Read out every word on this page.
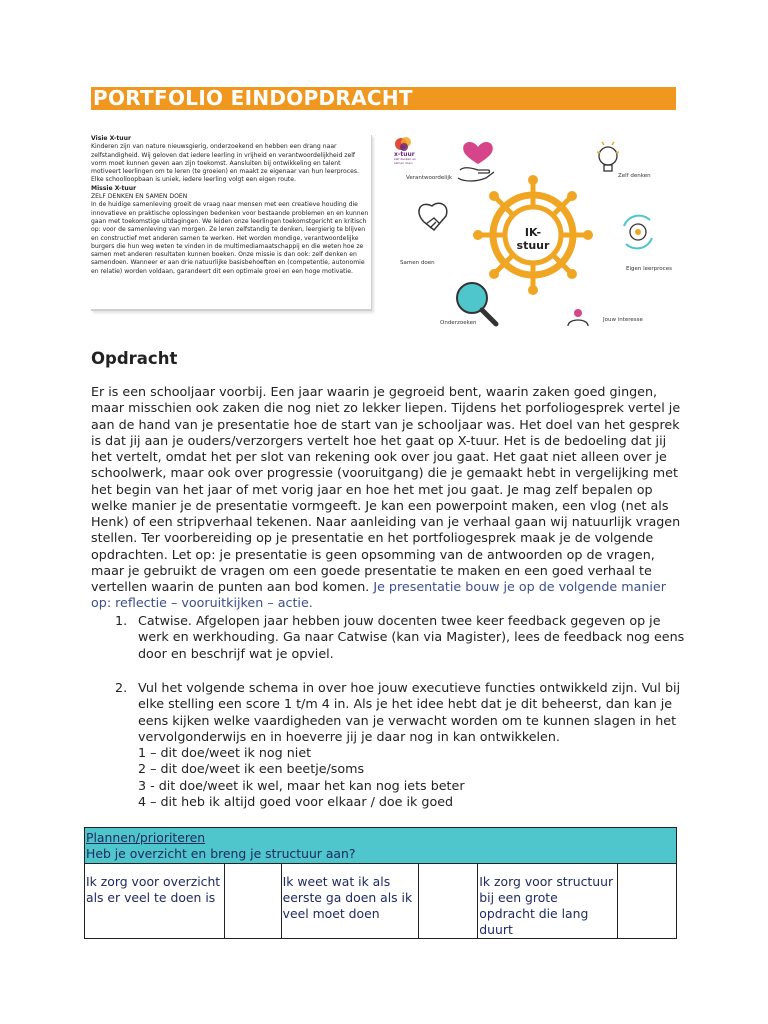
PORTFOLIO EINDOPDRACHT
Visie X-tuur
Kinderen zijn van nature nieuwsgierig, onderzoekend en hebben een drang naar zelfstandigheid. Wij geloven dat iedere leerling in vrijheid en verantwoordelijkheid zelf vorm moet kunnen geven aan zijn toekomst. Aansluiten bij ontwikkeling en talent motiveert leerlingen om te leren (te groeien) en maakt ze eigenaar van hun leerproces. Elke schoolloopbaan is uniek, iedere leerling volgt een eigen route.
Missie X-tuur
ZELF DENKEN EN SAMEN DOEN
In de huidige samenleving groeit de vraag naar mensen met een creatieve houding die innovatieve en praktische oplossingen bedenken voor bestaande problemen en en kunnen gaan met toekomstige uitdagingen. We leiden onze leerlingen toekomstgericht en kritisch op: voor de samenleving van morgen. Ze leren zelfstandig te denken, leergierig te blijven en constructief met anderen samen te werken. Het worden mondige, verantwoordelijke burgers die hun weg weten te vinden in de multimediamaatschappij en die weten hoe ze samen met anderen resultaten kunnen boeken. Onze missie is dan ook: zelf denken en samendoen. Wanneer er aan drie natuurlijke basisbehoeften en (competentie, autonomie en relatie) worden voldaan, garandeert dit een optimale groei en een hoge motivatie.
x-tuur
zelf denken en samen doen
IK-stuur
Verantwoordelijk	Zelf denken
Samen doen
Eigen leerproces
Onderzoeken	Jouw interesse
Opdracht
Er is een schooljaar voorbij. Een jaar waarin je gegroeid bent, waarin zaken goed gingen, maar misschien ook zaken die nog niet zo lekker liepen. Tijdens het porfoliogesprek vertel je aan de hand van je presentatie hoe de start van je schooljaar was. Het doel van het gesprek is dat jij aan je ouders/verzorgers vertelt hoe het gaat op X-tuur. Het is de bedoeling dat jij het vertelt, omdat het per slot van rekening ook over jou gaat. Het gaat niet alleen over je schoolwerk, maar ook over progressie (vooruitgang) die je gemaakt hebt in vergelijking met het begin van het jaar of met vorig jaar en hoe het met jou gaat. Je mag zelf bepalen op welke manier je de presentatie vormgeeft. Je kan een powerpoint maken, een vlog (net als Henk) of een stripverhaal tekenen. Naar aanleiding van je verhaal gaan wij natuurlijk vragen stellen. Ter voorbereiding op je presentatie en het portfoliogesprek maak je de volgende opdrachten. Let op: je presentatie is geen opsomming van de antwoorden op de vragen, maar je gebruikt de vragen om een goede presentatie te maken en een goed verhaal te vertellen waarin de punten aan bod komen. Je presentatie bouw je op de volgende manier op: reflectie – vooruitkijken – actie.
1. Catwise. Afgelopen jaar hebben jouw docenten twee keer feedback gegeven op je werk en werkhouding. Ga naar Catwise (kan via Magister), lees de feedback nog eens door en beschrijf wat je opviel.
2. Vul het volgende schema in over hoe jouw executieve functies ontwikkeld zijn. Vul bij elke stelling een score 1 t/m 4 in. Als je het idee hebt dat je dit beheerst, dan kan je eens kijken welke vaardigheden van je verwacht worden om te kunnen slagen in het vervolgonderwijs en in hoeverre jij je daar nog in kan ontwikkelen.
1 – dit doe/weet ik nog niet
2 – dit doe/weet ik een beetje/soms
3 - dit doe/weet ik wel, maar het kan nog iets beter
4 – dit heb ik altijd goed voor elkaar / doe ik goed
Plannen/prioriteren
Heb je overzicht en breng je structuur aan?

Ik zorg voor overzicht als er veel te doen is

Ik weet wat ik als eerste ga doen als ik veel moet doen

Ik zorg voor structuur bij een grote opdracht die lang duurt
